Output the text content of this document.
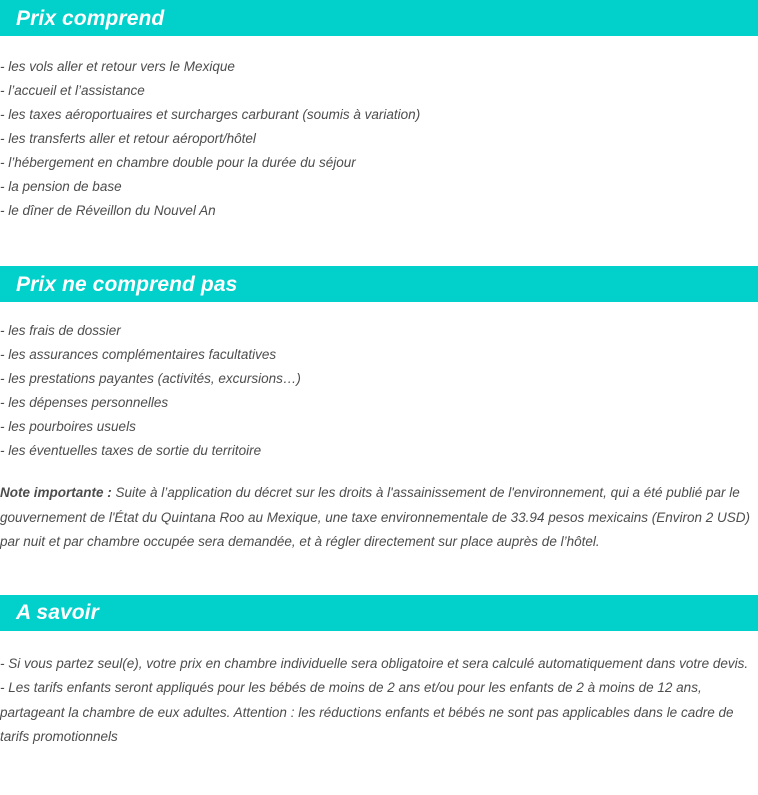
Prix comprend
- les vols aller et retour vers le Mexique
- l’accueil et l’assistance
- les taxes aéroportuaires et surcharges carburant (soumis à variation)
- les transferts aller et retour aéroport/hôtel
- l’hébergement en chambre double pour la durée du séjour
- la pension de base
- le dîner de Réveillon du Nouvel An
Prix ne comprend pas
- les frais de dossier
- les assurances complémentaires facultatives
- les prestations payantes (activités, excursions…)
- les dépenses personnelles
- les pourboires usuels
- les éventuelles taxes de sortie du territoire

Note importante : Suite à l’application du décret sur les droits à l'assainissement de l'environnement, qui a été publié par le gouvernement de l'État du Quintana Roo au Mexique, une taxe environnementale de 33.94 pesos mexicains (Environ 2 USD) par nuit et par chambre occupée sera demandée, et à régler directement sur place auprès de l’hôtel.

A savoir
- Si vous partez seul(e), votre prix en chambre individuelle sera obligatoire et sera calculé automatiquement dans votre devis.
- Les tarifs enfants seront appliqués pour les bébés de moins de 2 ans et/ou pour les enfants de 2 à moins de 12 ans, partageant la chambre de eux adultes. Attention : les réductions enfants et bébés ne sont pas applicables dans le cadre de tarifs promotionnels
